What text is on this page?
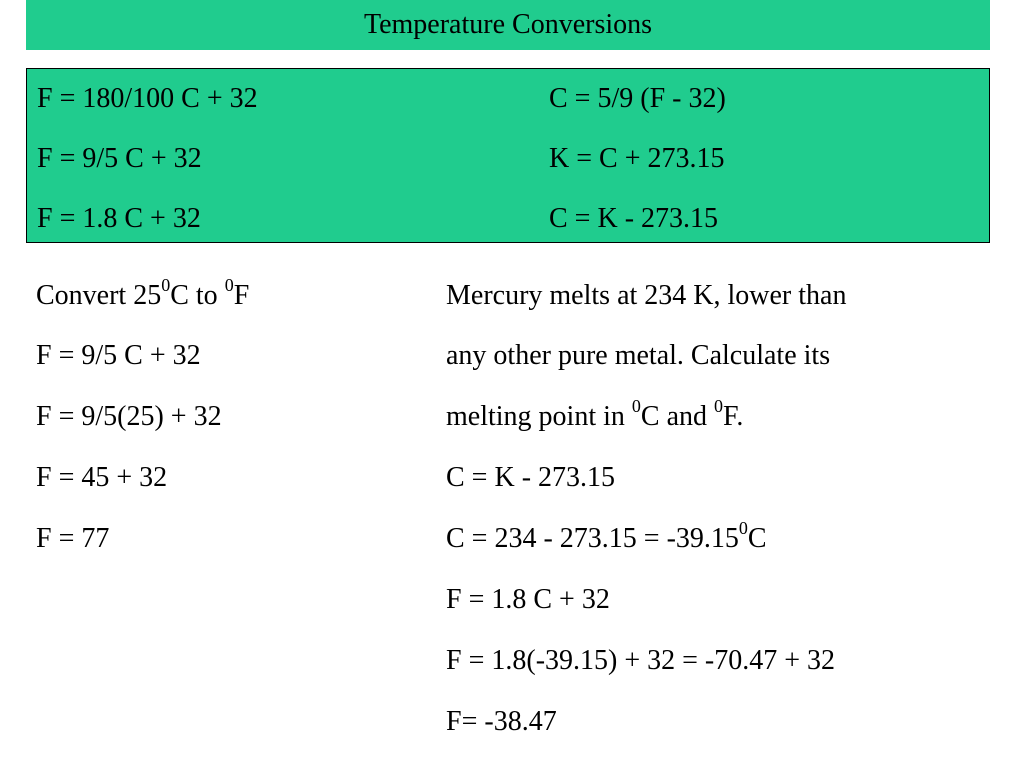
Temperature Conversions
F = 180/100 C + 32
F = 9/5 C + 32
F = 1.8 C + 32
C = 5/9 (F - 32)
K = C + 273.15
C = K - 273.15
Convert $25^0C$ to $^0$F
F = 9/5 C + 32
F = 9/5(25) + 32
F = 45 + 32
F = 77
Mercury melts at 234 K, lower than
any other pure metal. Calculate its
melting point in $^0$C and $^0$F.
C = K - 273.15
$C = 234 - 273.15 = -39.15^0C$
F = 1.8 C + 32
F = 1.8(-39.15) + 32 = -70.47 + 32
F= -38.47
